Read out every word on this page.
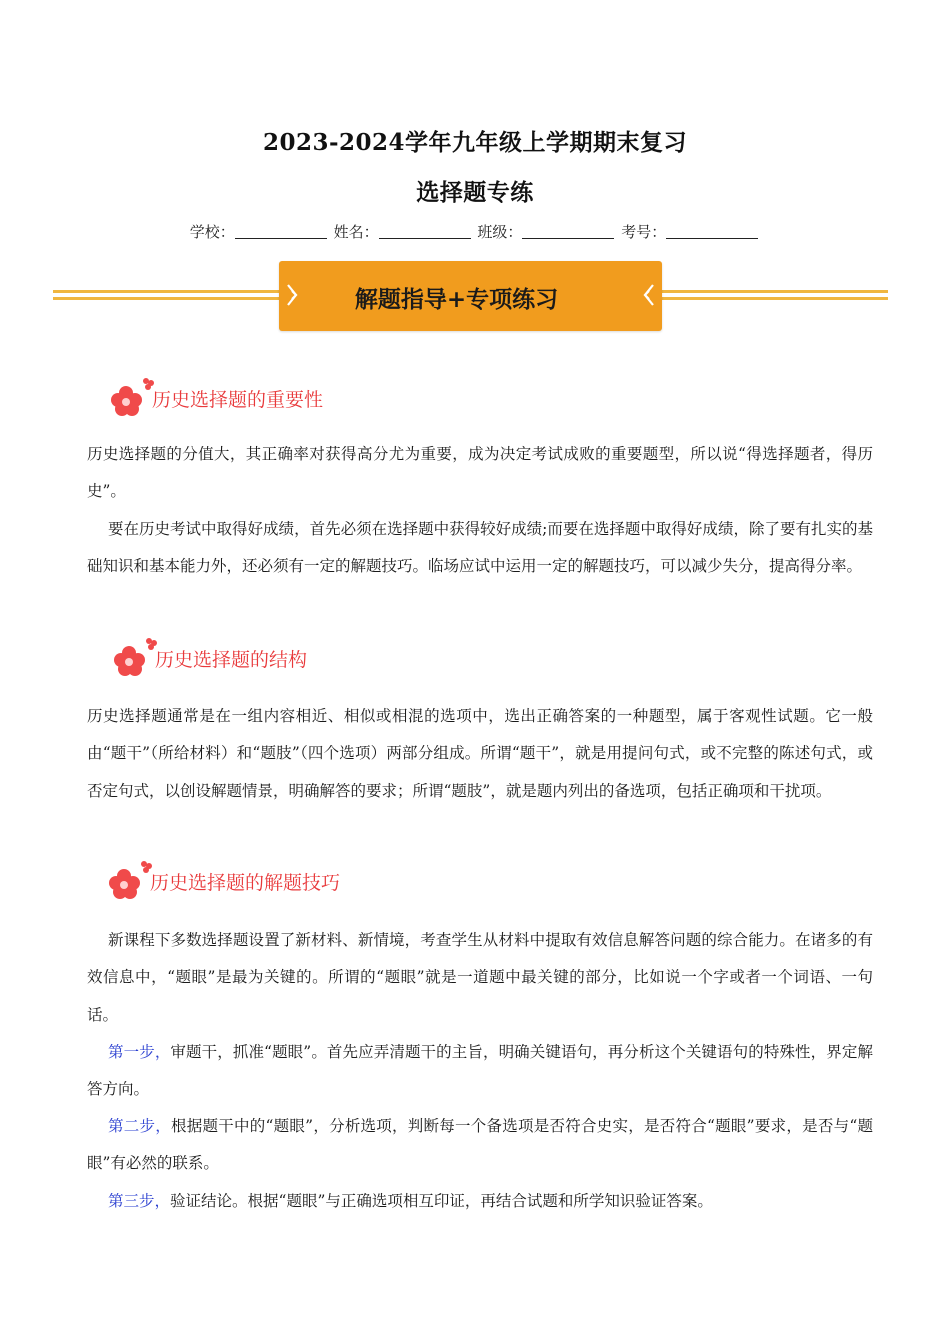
2023-2024学年九年级上学期期末复习
选择题专练
学校：	姓名：	班级：	考号：
解题指导+专项练习
历史选择题的重要性

历史选择题的分值大，其正确率对获得高分尤为重要，成为决定考试成败的重要题型，所以说“得选择题者，得历史”。

要在历史考试中取得好成绩，首先必须在选择题中获得较好成绩;而要在选择题中取得好成绩，除了要有扎实的基础知识和基本能力外，还必须有一定的解题技巧。临场应试中运用一定的解题技巧，可以减少失分，提高得分率。

历史选择题的结构

历史选择题通常是在一组内容相近、相似或相混的选项中，选出正确答案的一种题型，属于客观性试题。它一般由“题干”（所给材料）和“题肢”（四个选项）两部分组成。所谓“题干”，就是用提问句式，或不完整的陈述句式，或否定句式，以创设解题情景，明确解答的要求；所谓“题肢”，就是题内列出的备选项，包括正确项和干扰项。

历史选择题的解题技巧

新课程下多数选择题设置了新材料、新情境，考查学生从材料中提取有效信息解答问题的综合能力。在诸多的有效信息中，“题眼”是最为关键的。所谓的“题眼”就是一道题中最关键的部分，比如说一个字或者一个词语、一句话。

第一步，审题干，抓准“题眼”。首先应弄清题干的主旨，明确关键语句，再分析这个关键语句的特殊性，界定解答方向。

第二步，根据题干中的“题眼”，分析选项，判断每一个备选项是否符合史实，是否符合“题眼”要求，是否与“题眼”有必然的联系。

第三步，验证结论。根据“题眼”与正确选项相互印证，再结合试题和所学知识验证答案。
